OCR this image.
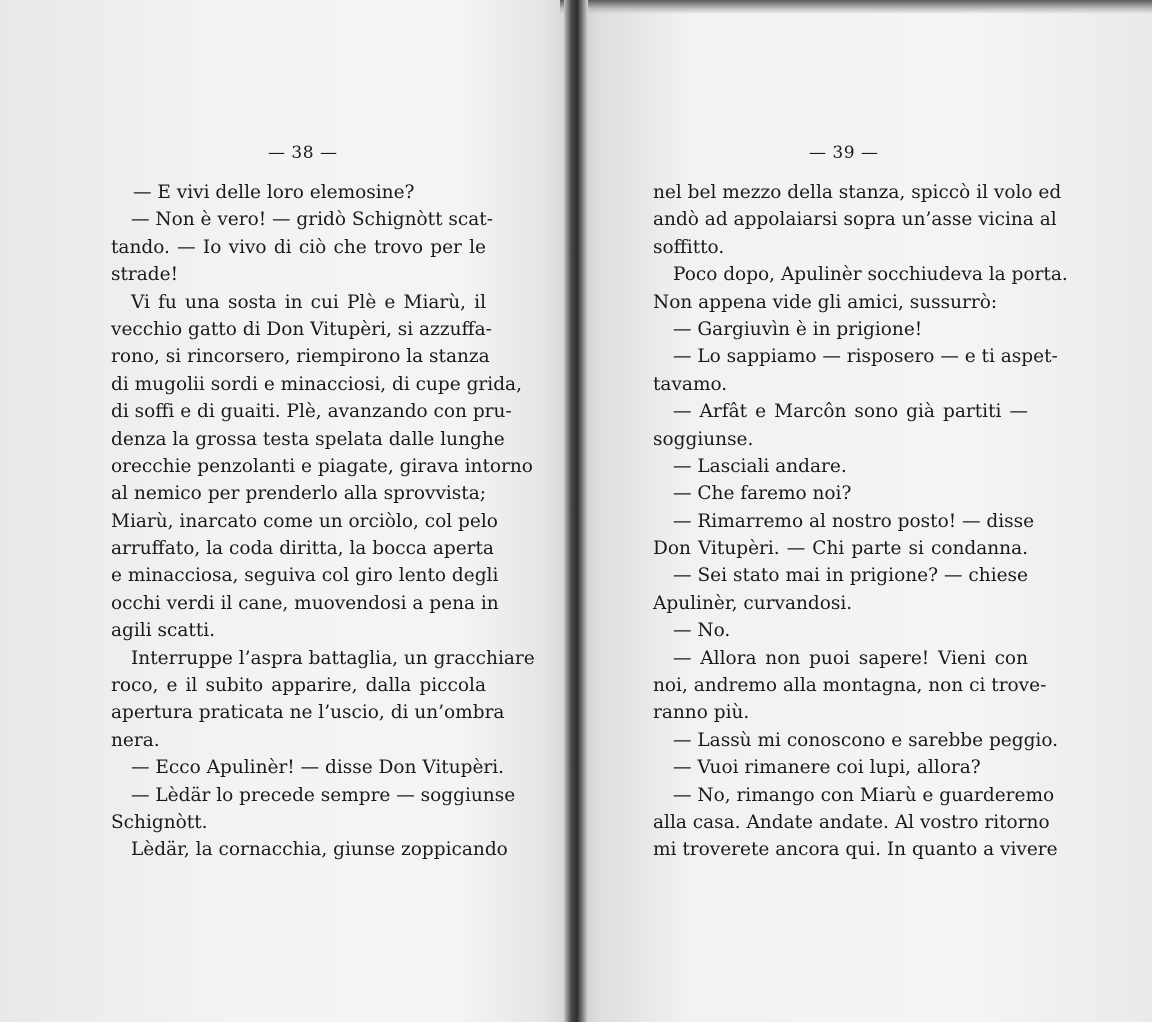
— 38 —
— E vivi delle loro elemosine?
— Non è vero! — gridò Schignòtt scat-
tando. — Io vivo di ciò che trovo per le
strade!
Vi fu una sosta in cui Plè e Miarù, il
vecchio gatto di Don Vitupèri, si azzuffa-
rono, si rincorsero, riempirono la stanza
di mugolii sordi e minacciosi, di cupe grida,
di soffi e di guaiti. Plè, avanzando con pru-
denza la grossa testa spelata dalle lunghe
orecchie penzolanti e piagate, girava intorno
al nemico per prenderlo alla sprovvista;
Miarù, inarcato come un orciòlo, col pelo
arruffato, la coda diritta, la bocca aperta
e minacciosa, seguiva col giro lento degli
occhi verdi il cane, muovendosi a pena in
agili scatti.
Interruppe l’aspra battaglia, un gracchiare
roco, e il subito apparire, dalla piccola
apertura praticata ne l’uscio, di un’ombra
nera.
— Ecco Apulinèr! — disse Don Vitupèri.
— Lèdär lo precede sempre — soggiunse
Schignòtt.
Lèdär, la cornacchia, giunse zoppicando
— 39 —
nel bel mezzo della stanza, spiccò il volo ed
andò ad appolaiarsi sopra un’asse vicina al
soffitto.
Poco dopo, Apulinèr socchiudeva la porta.
Non appena vide gli amici, sussurrò:
— Gargiuvìn è in prigione!
— Lo sappiamo — risposero — e ti aspet-
tavamo.
— Arfât e Marcôn sono già partiti —
soggiunse.
— Lasciali andare.
— Che faremo noi?
— Rimarremo al nostro posto! — disse
Don Vitupèri. — Chi parte si condanna.
— Sei stato mai in prigione? — chiese
Apulinèr, curvandosi.
— No.
— Allora non puoi sapere! Vieni con
noi, andremo alla montagna, non ci trove-
ranno più.
— Lassù mi conoscono e sarebbe peggio.
— Vuoi rimanere coi lupi, allora?
— No, rimango con Miarù e guarderemo
alla casa. Andate andate. Al vostro ritorno
mi troverete ancora qui. In quanto a vivere
